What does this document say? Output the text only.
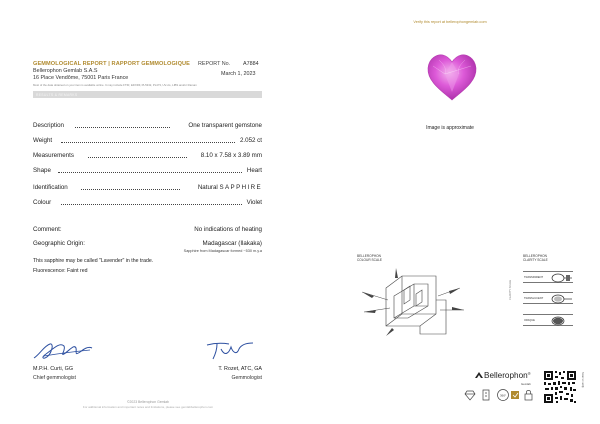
GEMMOLOGICAL REPORT | RAPPORT GEMMOLOGIQUE
Bellerophon Gemlab S.A.S
16 Place Vendôme, 75001 Paris France
REPORT No. A7884
March 1, 2023
Most of the data obtained on your item is available online. It may include FTIR, EDXRF, PL5332, PL473, UV-vis, LIBS and/or Raman
RESULTS & REMARKS
Description	One transparent gemstone
Weight	2.052 ct
Measurements	8.10 x 7.58 x 3.89 mm
Shape	Heart
Identification	Natural SAPPHIRE
Colour	Violet
Comment:	No indications of heating
Geographic Origin:	Madagascar (Ilakaka)
Sapphire from Madagascar formed ~530 m.y.a
This sapphire may be called "Lavender" in the trade.
Fluorescence: Faint red
M.P.H. Curti, GG
Chief gemmologist
T. Rozet, ATC, GA
Gemmologist
©2023 Bellerophon Gemlab
For additional information and important notes and limitations, please see gemlabbellerophon.com
Verify this report at bellerophongemlab.com
Image is approximate
BELLEROPHON COLOUR SCALE
BELLEROPHON CLARITY SCALE
TRANSPARENT
TRANSLUCENT
OPAQUE
CLARITY SCALE
Bellerophon®
Gemlab
360°
Scan to verify
